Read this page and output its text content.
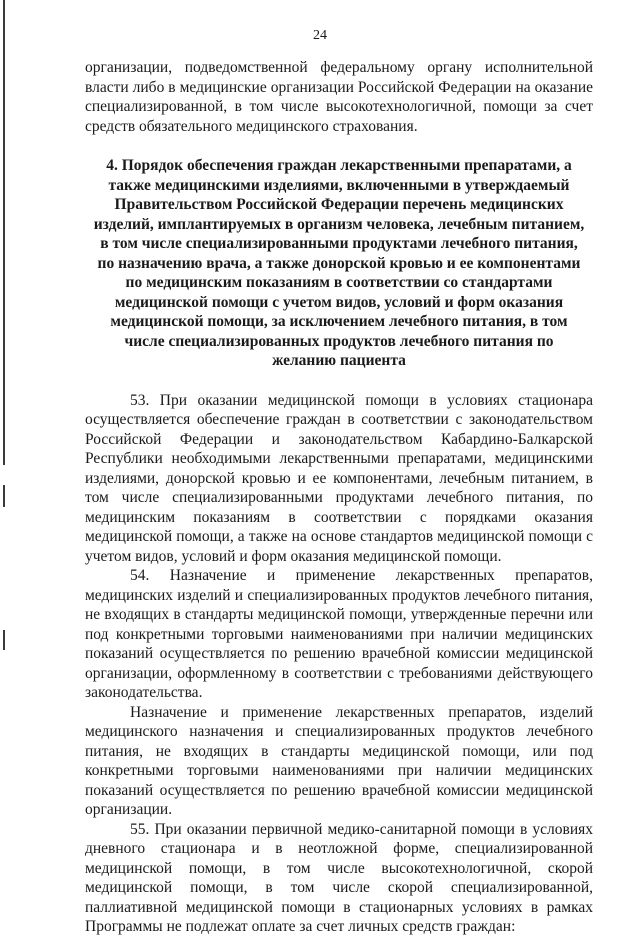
24

организации, подведомственной федеральному органу исполнительной власти либо в медицинские организации Российской Федерации на оказание специализированной, в том числе высокотехнологичной, помощи за счет средств обязательного медицинского страхования.

4. Порядок обеспечения граждан лекарственными препаратами, а также медицинскими изделиями, включенными в утверждаемый Правительством Российской Федерации перечень медицинских изделий, имплантируемых в организм человека, лечебным питанием, в том числе специализированными продуктами лечебного питания, по назначению врача, а также донорской кровью и ее компонентами по медицинским показаниям в соответствии со стандартами медицинской помощи с учетом видов, условий и форм оказания медицинской помощи, за исключением лечебного питания, в том числе специализированных продуктов лечебного питания по желанию пациента

53. При оказании медицинской помощи в условиях стационара осуществляется обеспечение граждан в соответствии с законодательством Российской Федерации и законодательством Кабардино-Балкарской Республики необходимыми лекарственными препаратами, медицинскими изделиями, донорской кровью и ее компонентами, лечебным питанием, в том числе специализированными продуктами лечебного питания, по медицинским показаниям в соответствии с порядками оказания медицинской помощи, а также на основе стандартов медицинской помощи с учетом видов, условий и форм оказания медицинской помощи.

54. Назначение и применение лекарственных препаратов, медицинских изделий и специализированных продуктов лечебного питания, не входящих в стандарты медицинской помощи, утвержденные перечни или под конкретными торговыми наименованиями при наличии медицинских показаний осуществляется по решению врачебной комиссии медицинской организации, оформленному в соответствии с требованиями действующего законодательства.

Назначение и применение лекарственных препаратов, изделий медицинского назначения и специализированных продуктов лечебного питания, не входящих в стандарты медицинской помощи, или под конкретными торговыми наименованиями при наличии медицинских показаний осуществляется по решению врачебной комиссии медицинской организации.

55. При оказании первичной медико-санитарной помощи в условиях дневного стационара и в неотложной форме, специализированной медицинской помощи, в том числе высокотехнологичной, скорой медицинской помощи, в том числе скорой специализированной, паллиативной медицинской помощи в стационарных условиях в рамках Программы не подлежат оплате за счет личных средств граждан:
